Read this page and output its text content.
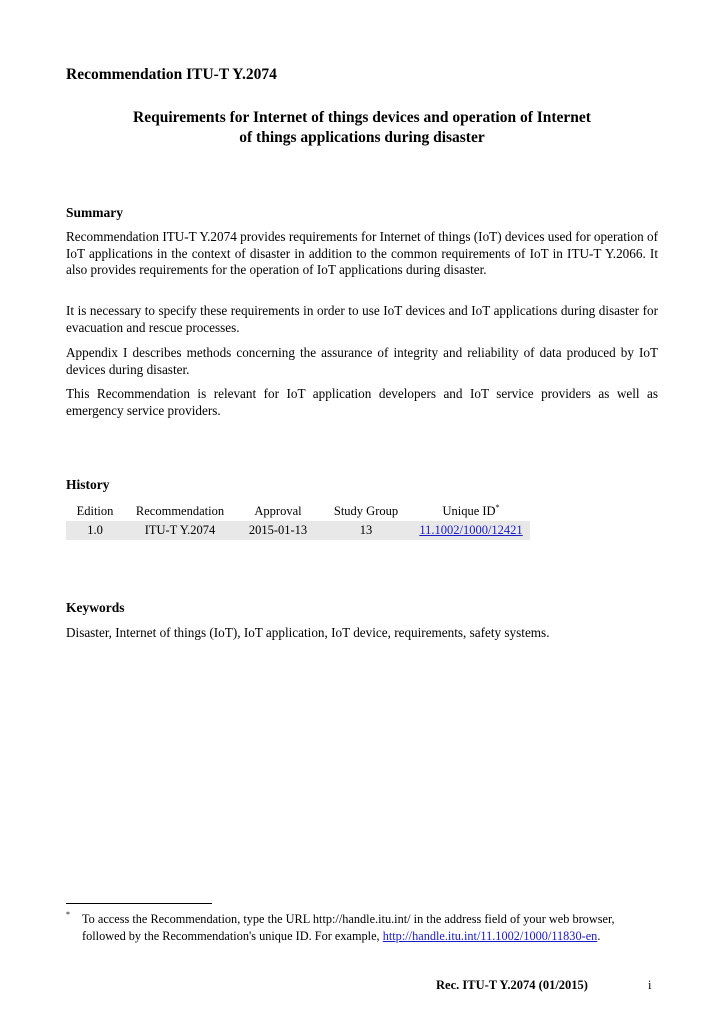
Recommendation ITU-T Y.2074
Requirements for Internet of things devices and operation of Internet
of things applications during disaster
Summary

Recommendation ITU-T Y.2074 provides requirements for Internet of things (IoT) devices used for operation of IoT applications in the context of disaster in addition to the common requirements of IoT in ITU-T Y.2066. It also provides requirements for the operation of IoT applications during disaster.

It is necessary to specify these requirements in order to use IoT devices and IoT applications during disaster for evacuation and rescue processes.

Appendix I describes methods concerning the assurance of integrity and reliability of data produced by IoT devices during disaster.

This Recommendation is relevant for IoT application developers and IoT service providers as well as emergency service providers.

History
Edition	Recommendation	Approval	Study Group	Unique ID*
1.0	ITU-T Y.2074	2015-01-13	13	11.1002/1000/12421
Keywords

Disaster, Internet of things (IoT), IoT application, IoT device, requirements, safety systems.

* To access the Recommendation, type the URL http://handle.itu.int/ in the address field of your web browser, followed by the Recommendation's unique ID. For example, http://handle.itu.int/11.1002/1000/11830-en.

Rec. ITU-T Y.2074 (01/2015)	i
